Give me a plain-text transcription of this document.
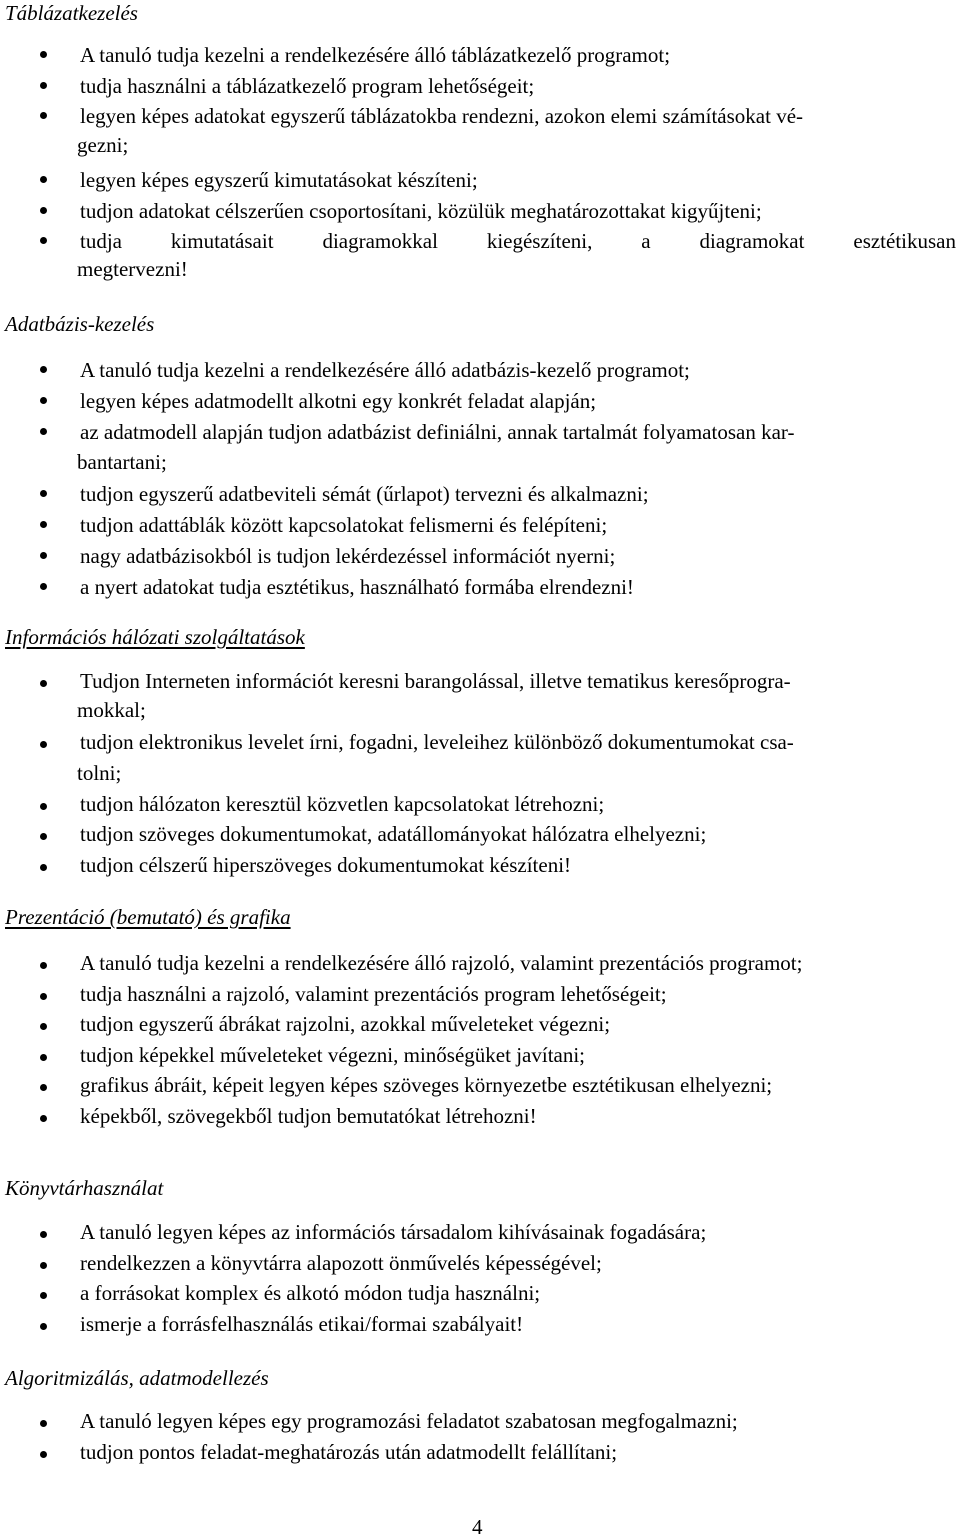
Táblázatkezelés
A tanuló tudja kezelni a rendelkezésére álló táblázatkezelő programot;
tudja használni a táblázatkezelő program lehetőségeit;
legyen képes adatokat egyszerű táblázatokba rendezni, azokon elemi számításokat vé-
gezni;
legyen képes egyszerű kimutatásokat készíteni;
tudjon adatokat célszerűen csoportosítani, közülük meghatározottakat kigyűjteni;
tudja kimutatásait diagramokkal kiegészíteni, a diagramokat esztétikusan
megtervezni!
Adatbázis-kezelés
A tanuló tudja kezelni a rendelkezésére álló adatbázis-kezelő programot;
legyen képes adatmodellt alkotni egy konkrét feladat alapján;
az adatmodell alapján tudjon adatbázist definiálni, annak tartalmát folyamatosan kar-
bantartani;
tudjon egyszerű adatbeviteli sémát (űrlapot) tervezni és alkalmazni;
tudjon adattáblák között kapcsolatokat felismerni és felépíteni;
nagy adatbázisokból is tudjon lekérdezéssel információt nyerni;
a nyert adatokat tudja esztétikus, használható formába elrendezni!
Információs hálózati szolgáltatások
Tudjon Interneten információt keresni barangolással, illetve tematikus keresőprogra-
mokkal;
tudjon elektronikus levelet írni, fogadni, leveleihez különböző dokumentumokat csa-
tolni;
tudjon hálózaton keresztül közvetlen kapcsolatokat létrehozni;
tudjon szöveges dokumentumokat, adatállományokat hálózatra elhelyezni;
tudjon célszerű hiperszöveges dokumentumokat készíteni!
Prezentáció (bemutató) és grafika
A tanuló tudja kezelni a rendelkezésére álló rajzoló, valamint prezentációs programot;
tudja használni a rajzoló, valamint prezentációs program lehetőségeit;
tudjon egyszerű ábrákat rajzolni, azokkal műveleteket végezni;
tudjon képekkel műveleteket végezni, minőségüket javítani;
grafikus ábráit, képeit legyen képes szöveges környezetbe esztétikusan elhelyezni;
képekből, szövegekből tudjon bemutatókat létrehozni!
Könyvtárhasználat
A tanuló legyen képes az információs társadalom kihívásainak fogadására;
rendelkezzen a könyvtárra alapozott önművelés képességével;
a forrásokat komplex és alkotó módon tudja használni;
ismerje a forrásfelhasználás etikai/formai szabályait!
Algoritmizálás, adatmodellezés
A tanuló legyen képes egy programozási feladatot szabatosan megfogalmazni;
tudjon pontos feladat-meghatározás után adatmodellt felállítani;
4
